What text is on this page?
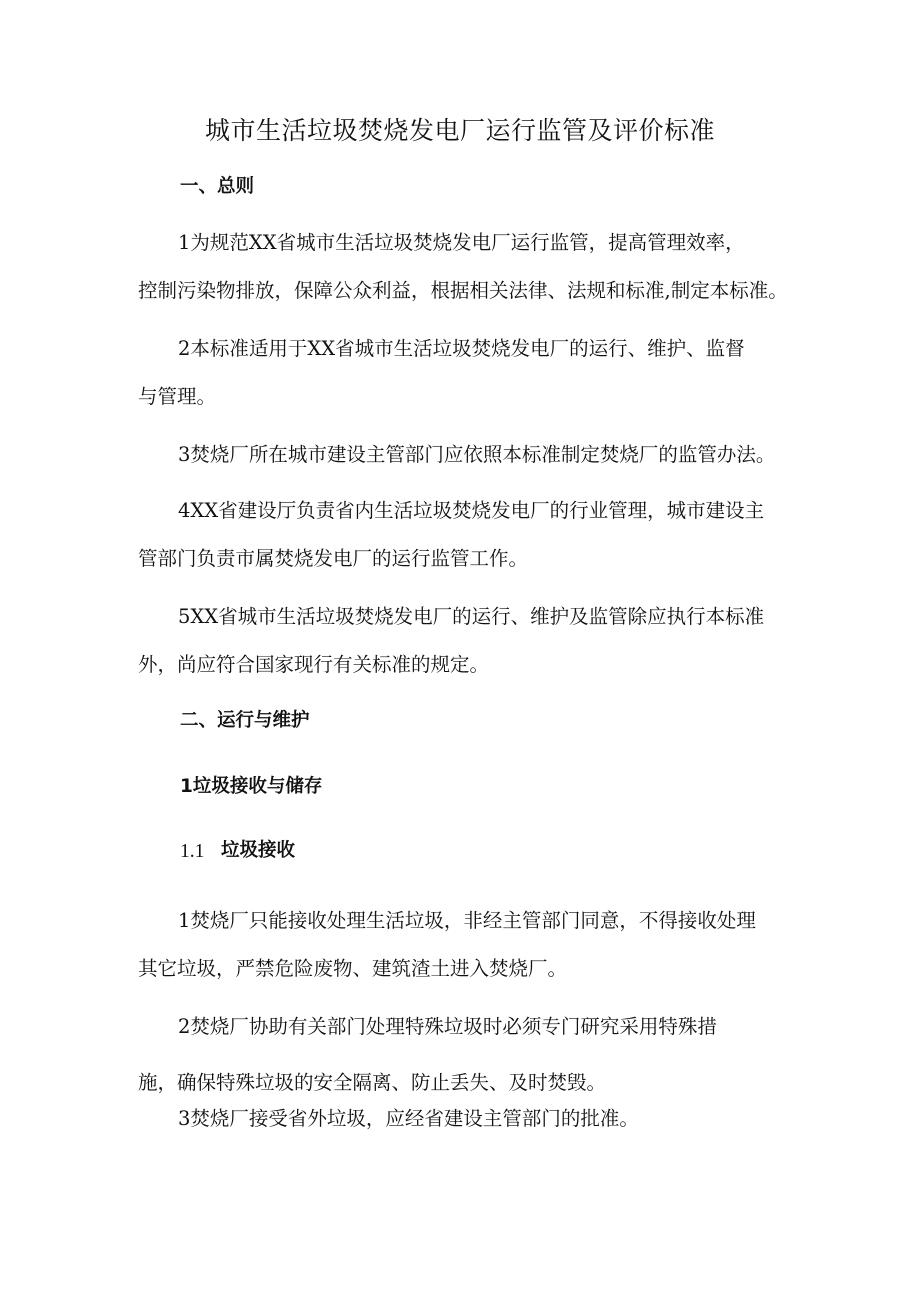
城市生活垃圾焚烧发电厂运行监管及评价标准
一、总则
1为规范XX省城市生活垃圾焚烧发电厂运行监管，提高管理效率，
控制污染物排放，保障公众利益，根据相关法律、法规和标准,制定本标准。
2本标准适用于XX省城市生活垃圾焚烧发电厂的运行、维护、监督
与管理。
3焚烧厂所在城市建设主管部门应依照本标准制定焚烧厂的监管办法。
4XX省建设厅负责省内生活垃圾焚烧发电厂的行业管理，城市建设主
管部门负责市属焚烧发电厂的运行监管工作。
5XX省城市生活垃圾焚烧发电厂的运行、维护及监管除应执行本标准
外，尚应符合国家现行有关标准的规定。
二、运行与维护
1垃圾接收与储存
1.1 垃圾接收
1焚烧厂只能接收处理生活垃圾，非经主管部门同意，不得接收处理
其它垃圾，严禁危险废物、建筑渣土进入焚烧厂。
2焚烧厂协助有关部门处理特殊垃圾时必须专门研究采用特殊措
施，确保特殊垃圾的安全隔离、防止丢失、及时焚毁。
3焚烧厂接受省外垃圾，应经省建设主管部门的批准。
